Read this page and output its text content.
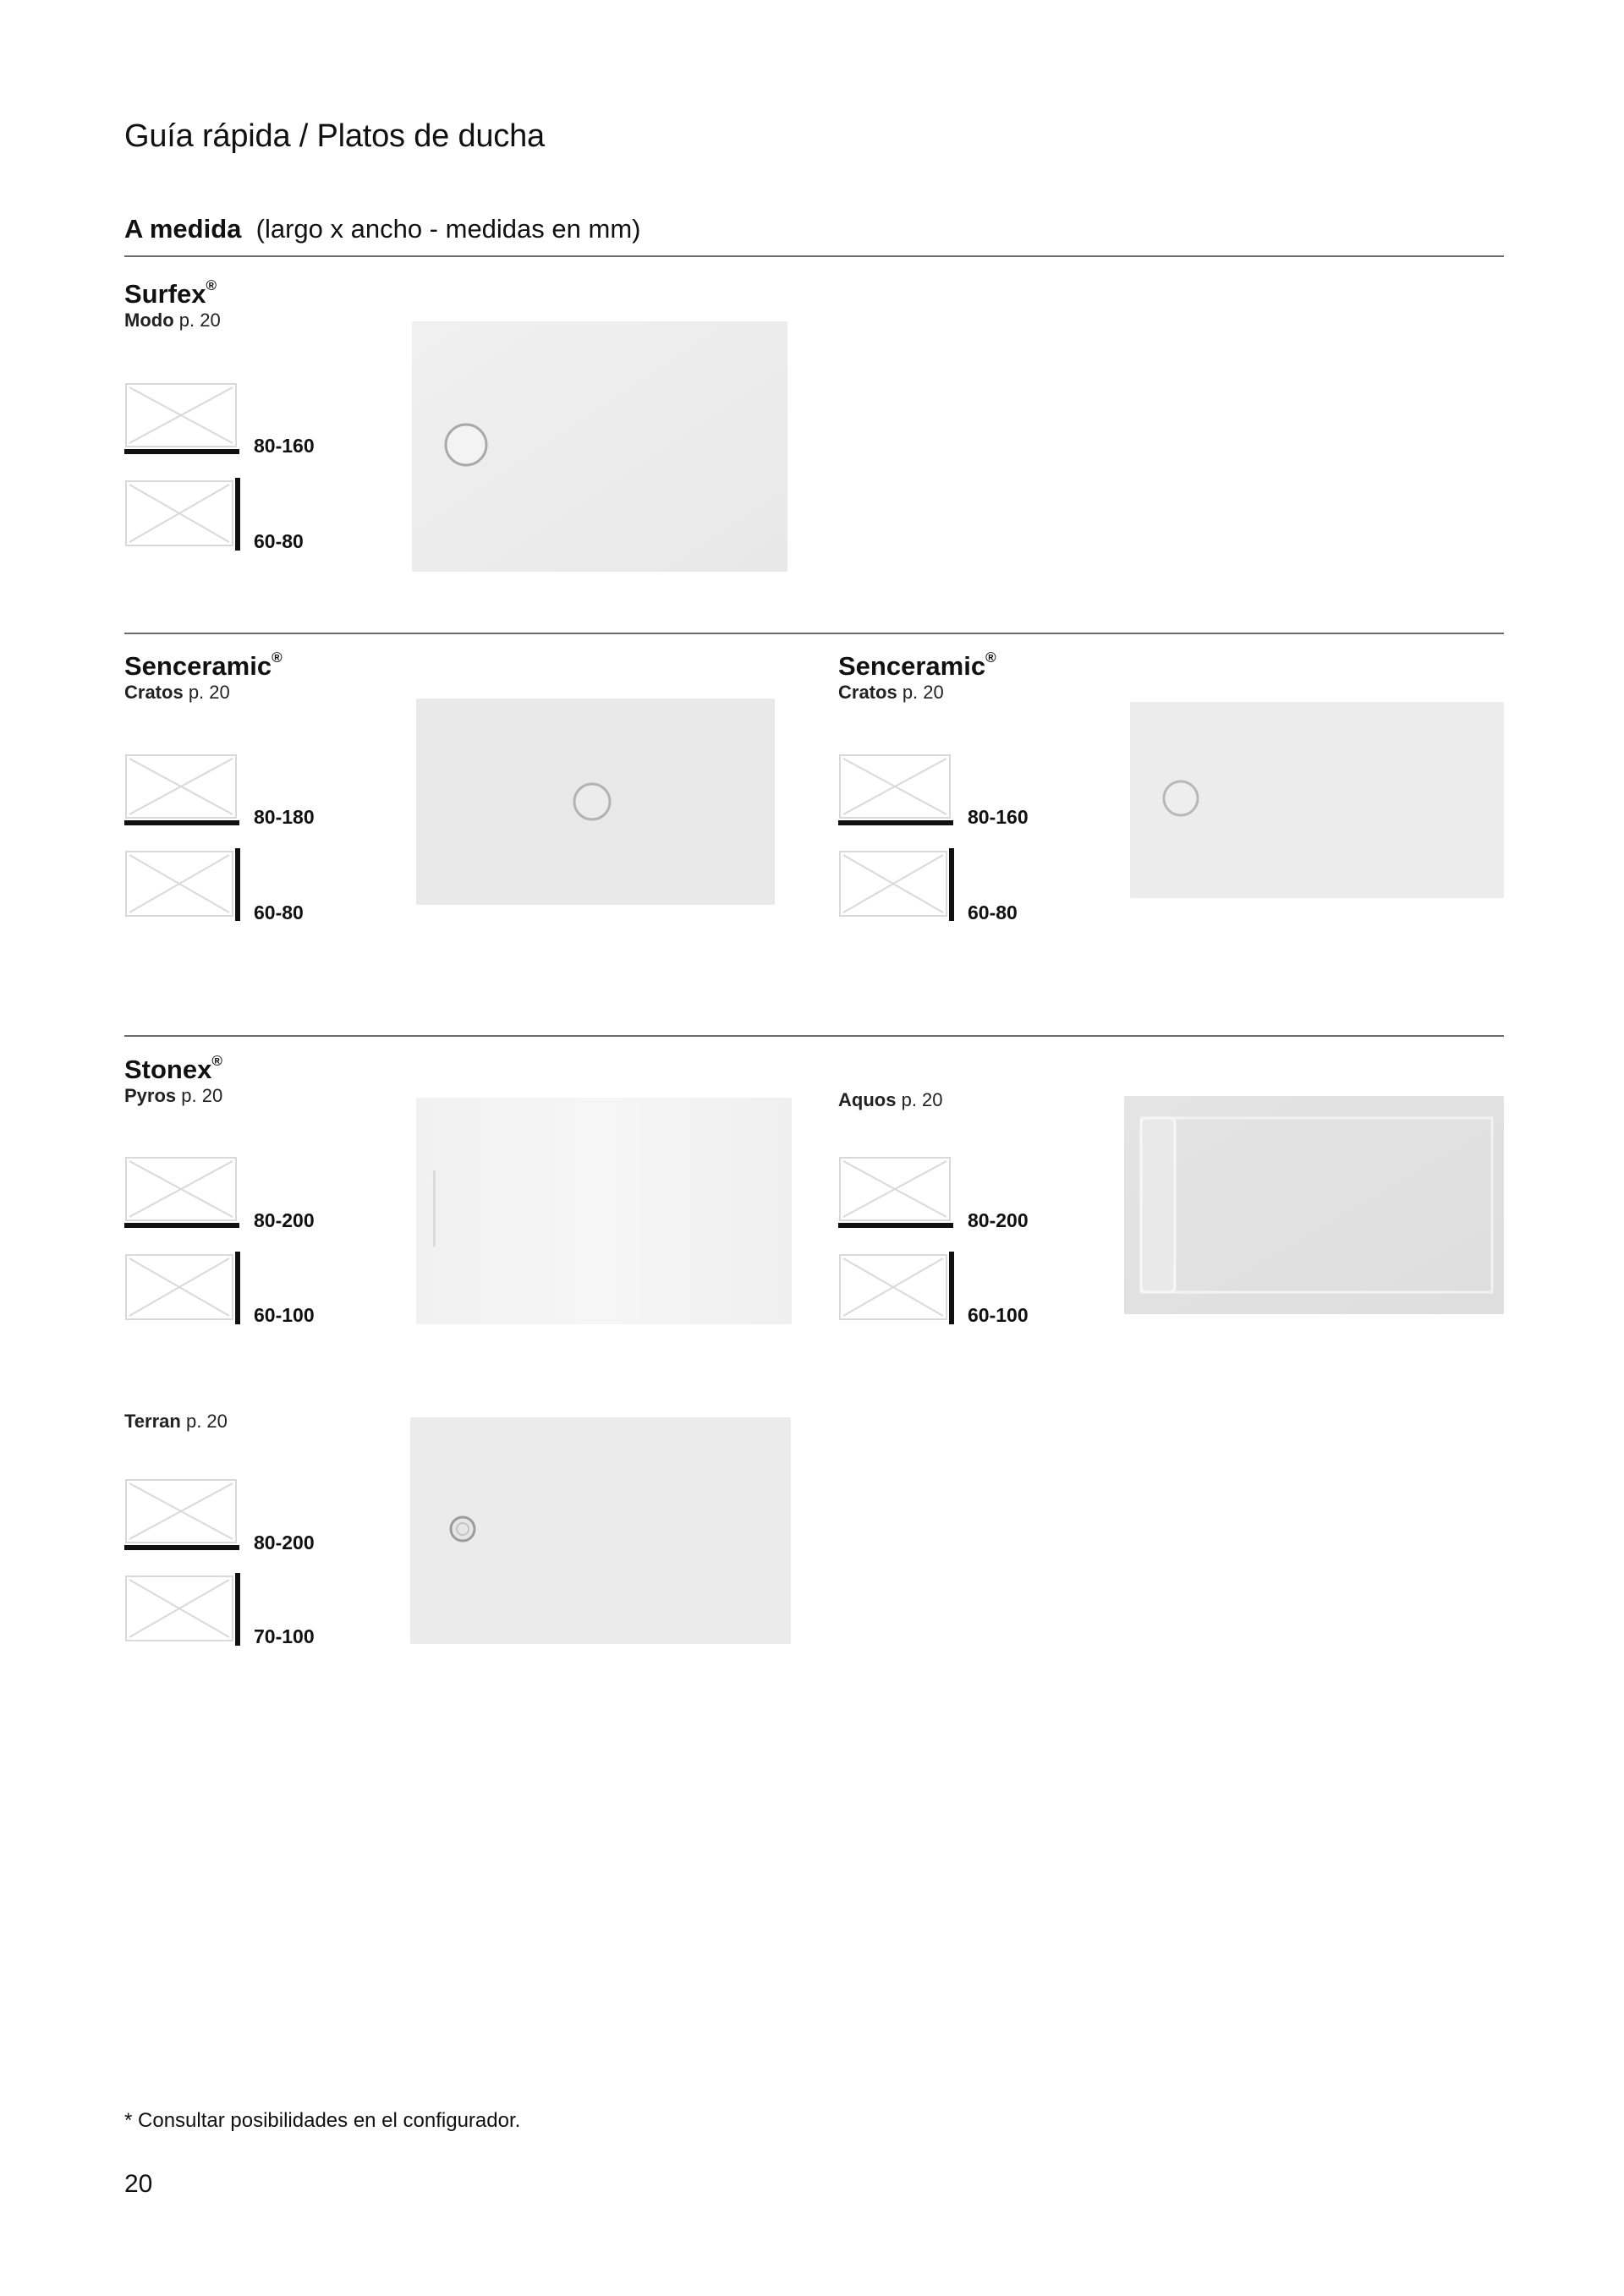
Guía rápida / Platos de ducha
A medida (largo x ancho - medidas en mm)
Surfex®
Modo p. 20
80-160
60-80
Senceramic®
Cratos p. 20
80-180
60-80
Senceramic®
Cratos p. 20
80-160
60-80
Stonex®
Pyros p. 20
80-200
60-100
Aquos p. 20
80-200
60-100
Terran p. 20
80-200
70-100
* Consultar posibilidades en el configurador.
20
